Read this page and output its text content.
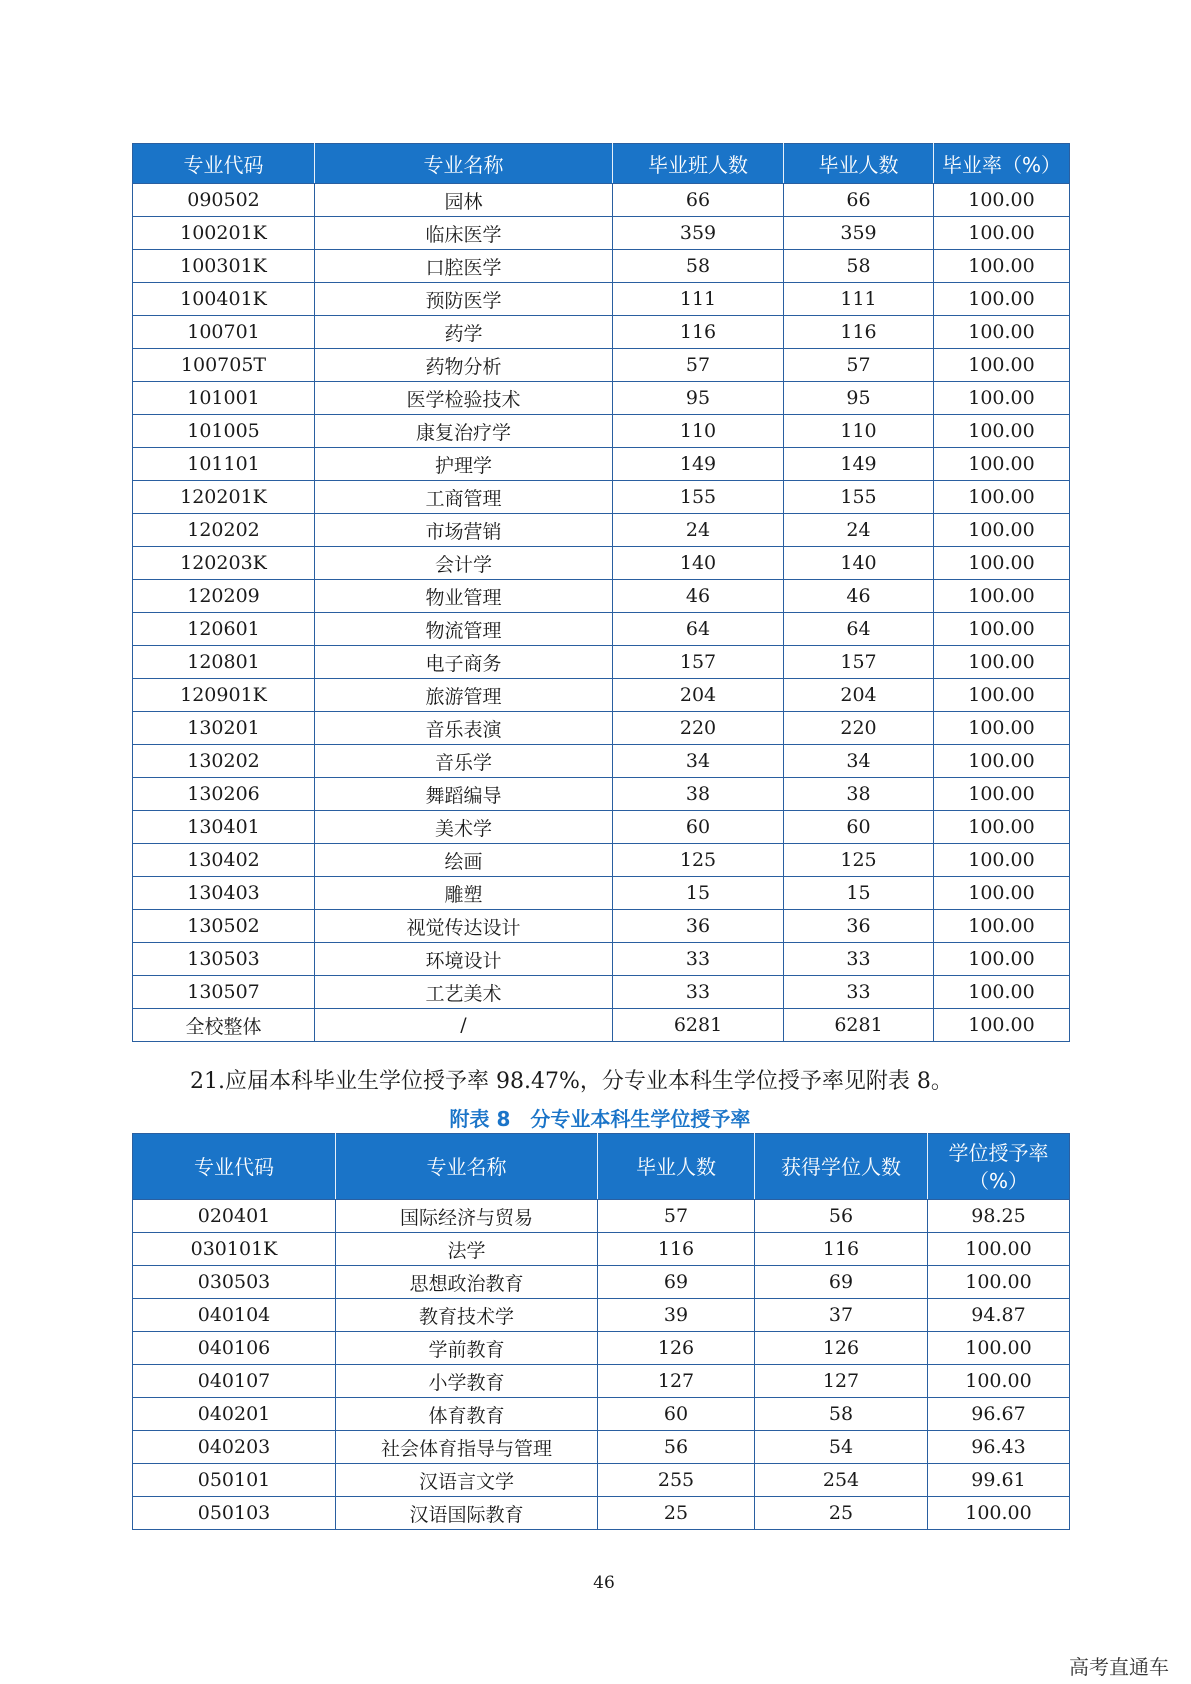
专业代码	专业名称	毕业班人数	毕业人数	毕业率（%）
090502	园林	66	66	100.00
100201K	临床医学	359	359	100.00
100301K	口腔医学	58	58	100.00
100401K	预防医学	111	111	100.00
100701	药学	116	116	100.00
100705T	药物分析	57	57	100.00
101001	医学检验技术	95	95	100.00
101005	康复治疗学	110	110	100.00
101101	护理学	149	149	100.00
120201K	工商管理	155	155	100.00
120202	市场营销	24	24	100.00
120203K	会计学	140	140	100.00
120209	物业管理	46	46	100.00
120601	物流管理	64	64	100.00
120801	电子商务	157	157	100.00
120901K	旅游管理	204	204	100.00
130201	音乐表演	220	220	100.00
130202	音乐学	34	34	100.00
130206	舞蹈编导	38	38	100.00
130401	美术学	60	60	100.00
130402	绘画	125	125	100.00
130403	雕塑	15	15	100.00
130502	视觉传达设计	36	36	100.00
130503	环境设计	33	33	100.00
130507	工艺美术	33	33	100.00
全校整体	/	6281	6281	100.00
21.应届本科毕业生学位授予率 98.47%，分专业本科生学位授予率见附表 8。
附表 8　分专业本科生学位授予率
专业代码	专业名称	毕业人数	获得学位人数	学位授予率
（%）

020401	国际经济与贸易	57	56	98.25
030101K	法学	116	116	100.00
030503	思想政治教育	69	69	100.00
040104	教育技术学	39	37	94.87
040106	学前教育	126	126	100.00
040107	小学教育	127	127	100.00
040201	体育教育	60	58	96.67
040203	社会体育指导与管理	56	54	96.43
050101	汉语言文学	255	254	99.61
050103	汉语国际教育	25	25	100.00
46
高考直通车
